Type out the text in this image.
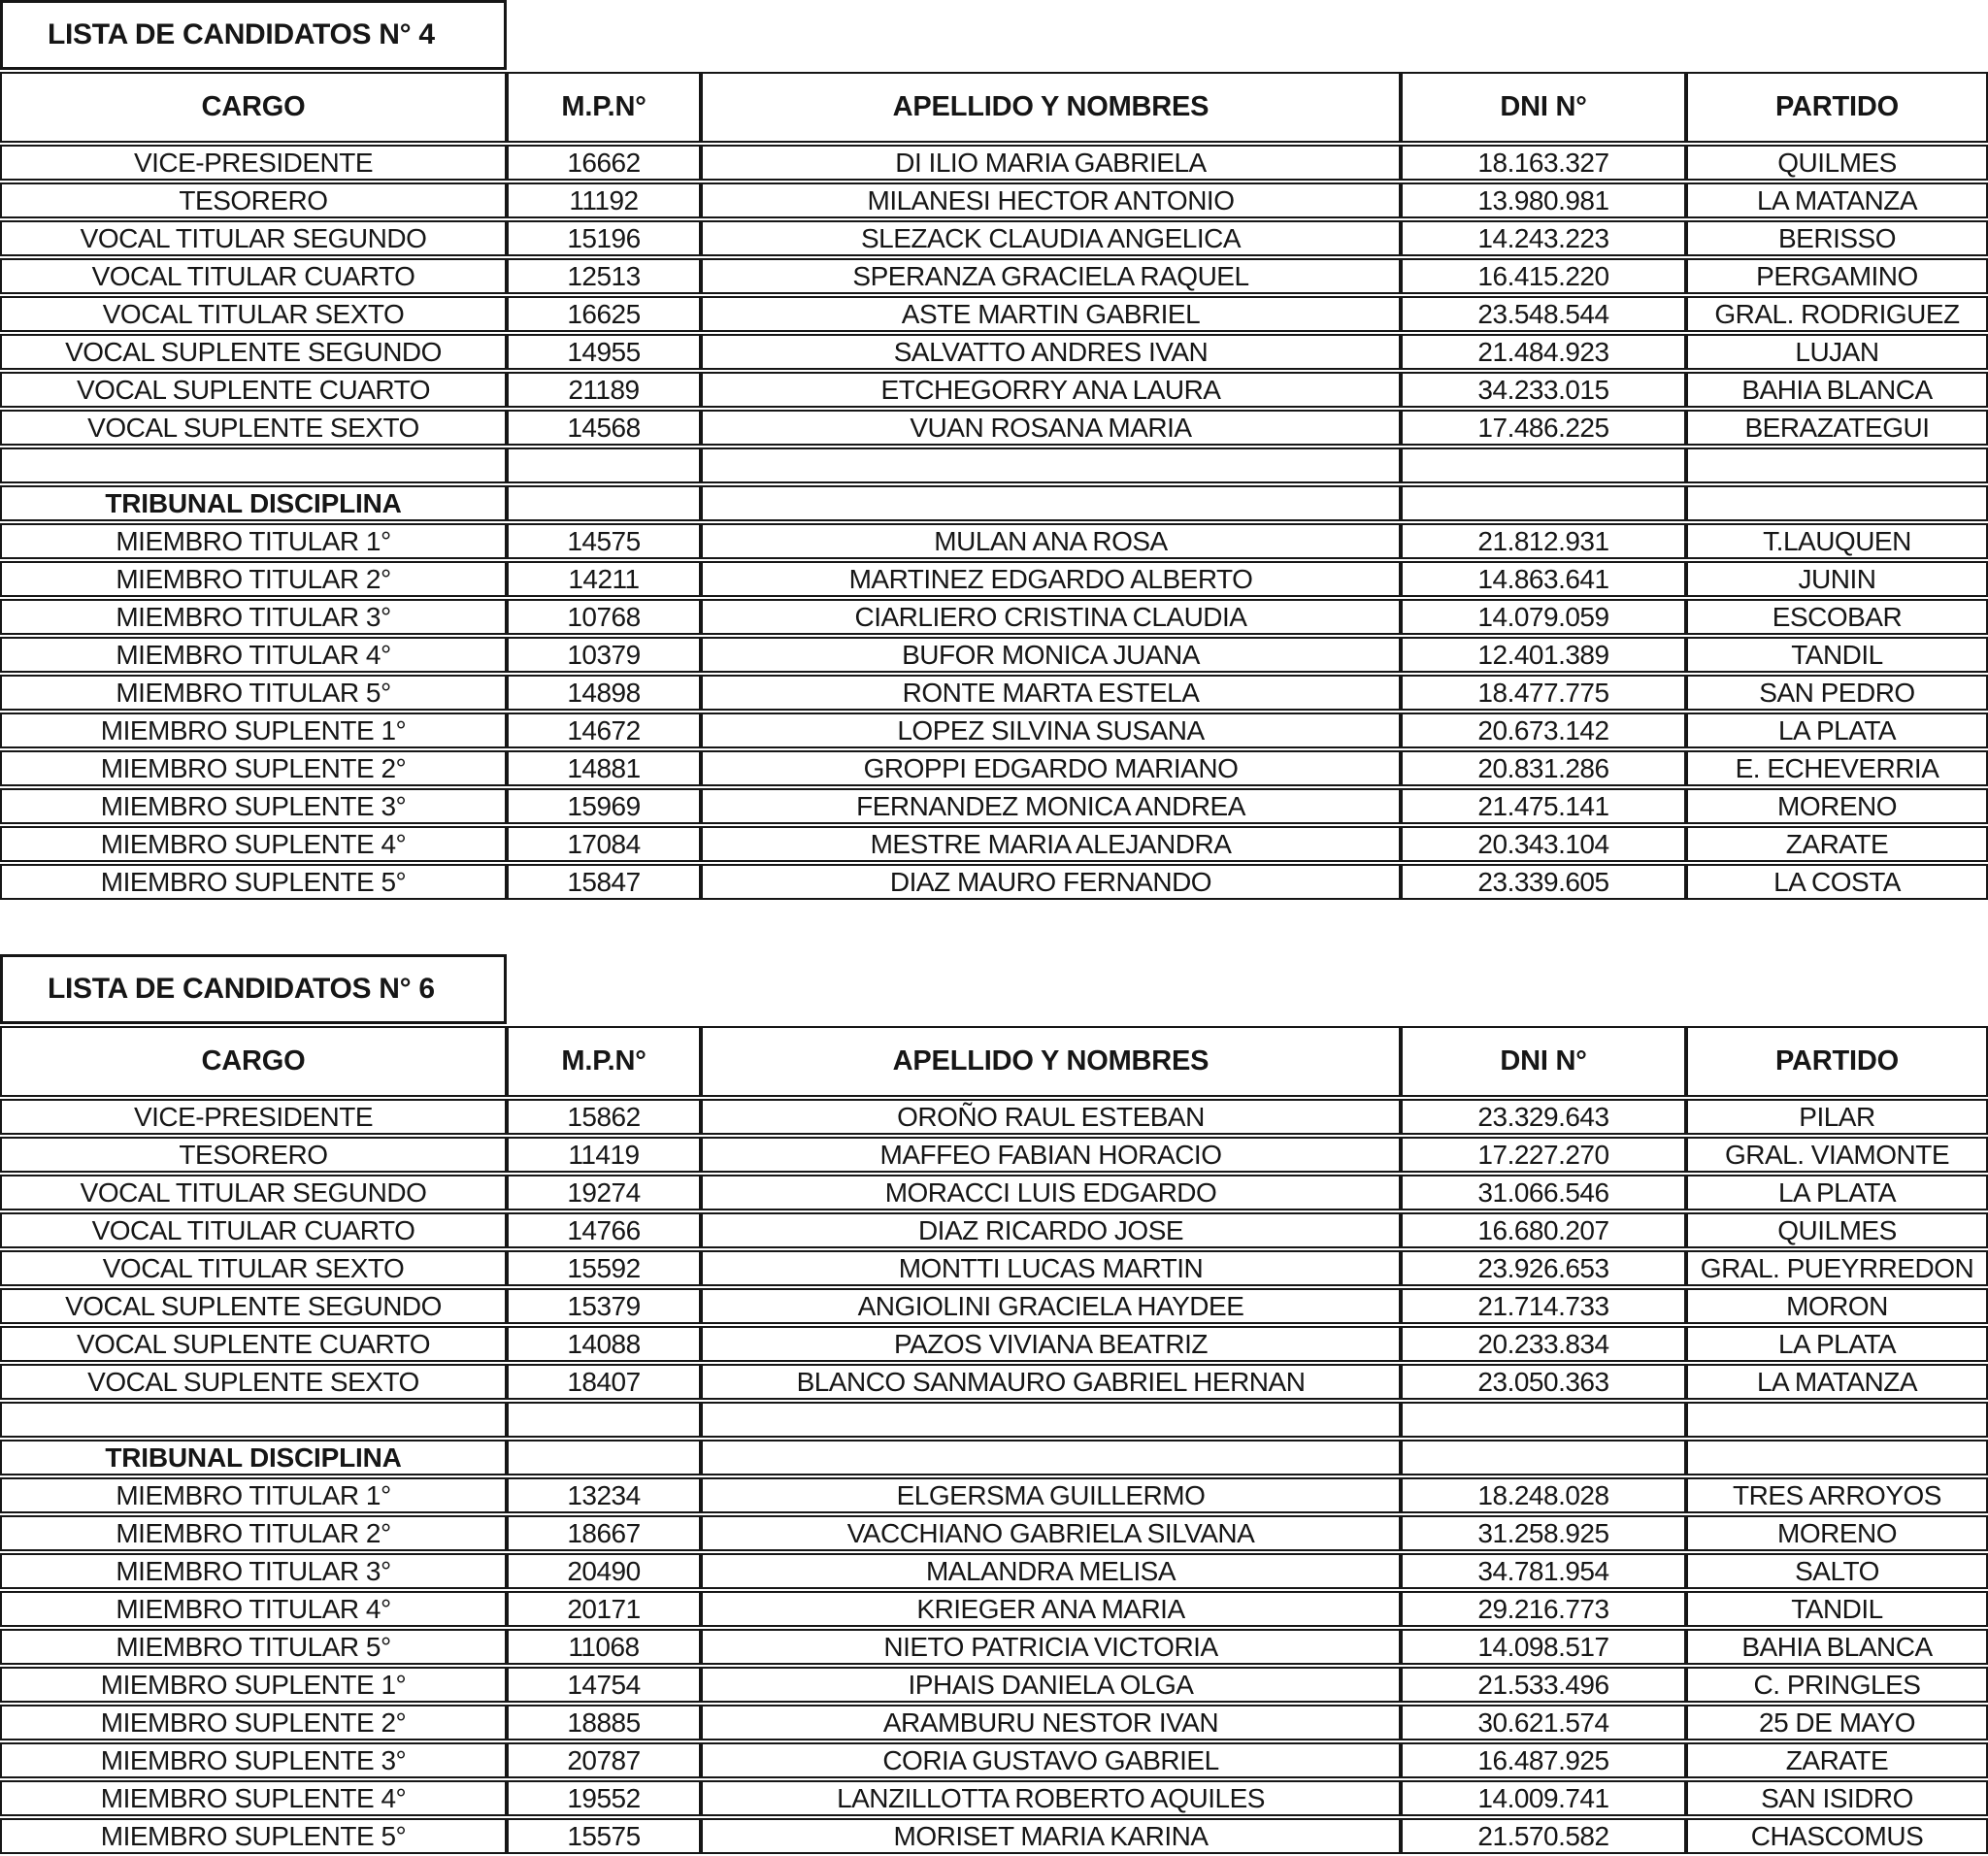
LISTA DE CANDIDATOS N° 4
CARGO	M.P.N°	APELLIDO Y NOMBRES	DNI N°	PARTIDO
VICE-PRESIDENTE	16662	DI ILIO MARIA GABRIELA	18.163.327	QUILMES
TESORERO	11192	MILANESI HECTOR ANTONIO	13.980.981	LA MATANZA
VOCAL TITULAR SEGUNDO	15196	SLEZACK CLAUDIA ANGELICA	14.243.223	BERISSO
VOCAL TITULAR CUARTO	12513	SPERANZA GRACIELA RAQUEL	16.415.220	PERGAMINO
VOCAL TITULAR SEXTO	16625	ASTE MARTIN GABRIEL	23.548.544	GRAL. RODRIGUEZ
VOCAL SUPLENTE SEGUNDO	14955	SALVATTO ANDRES IVAN	21.484.923	LUJAN
VOCAL SUPLENTE CUARTO	21189	ETCHEGORRY ANA LAURA	34.233.015	BAHIA BLANCA
VOCAL SUPLENTE SEXTO	14568	VUAN ROSANA MARIA	17.486.225	BERAZATEGUI

TRIBUNAL DISCIPLINA				
MIEMBRO TITULAR 1°	14575	MULAN ANA ROSA	21.812.931	T.LAUQUEN
MIEMBRO TITULAR 2°	14211	MARTINEZ EDGARDO ALBERTO	14.863.641	JUNIN
MIEMBRO TITULAR 3°	10768	CIARLIERO CRISTINA CLAUDIA	14.079.059	ESCOBAR
MIEMBRO TITULAR 4°	10379	BUFOR MONICA JUANA	12.401.389	TANDIL
MIEMBRO TITULAR 5°	14898	RONTE MARTA ESTELA	18.477.775	SAN PEDRO
MIEMBRO SUPLENTE 1°	14672	LOPEZ SILVINA SUSANA	20.673.142	LA PLATA
MIEMBRO SUPLENTE 2°	14881	GROPPI EDGARDO MARIANO	20.831.286	E. ECHEVERRIA
MIEMBRO SUPLENTE 3°	15969	FERNANDEZ MONICA ANDREA	21.475.141	MORENO
MIEMBRO SUPLENTE 4°	17084	MESTRE MARIA ALEJANDRA	20.343.104	ZARATE
MIEMBRO SUPLENTE 5°	15847	DIAZ MAURO FERNANDO	23.339.605	LA COSTA
LISTA DE CANDIDATOS N° 6
CARGO	M.P.N°	APELLIDO Y NOMBRES	DNI N°	PARTIDO
VICE-PRESIDENTE	15862	OROÑO RAUL ESTEBAN	23.329.643	PILAR
TESORERO	11419	MAFFEO FABIAN HORACIO	17.227.270	GRAL. VIAMONTE
VOCAL TITULAR SEGUNDO	19274	MORACCI LUIS EDGARDO	31.066.546	LA PLATA
VOCAL TITULAR CUARTO	14766	DIAZ RICARDO JOSE	16.680.207	QUILMES
VOCAL TITULAR SEXTO	15592	MONTTI LUCAS MARTIN	23.926.653	GRAL. PUEYRREDON
VOCAL SUPLENTE SEGUNDO	15379	ANGIOLINI GRACIELA HAYDEE	21.714.733	MORON
VOCAL SUPLENTE CUARTO	14088	PAZOS VIVIANA BEATRIZ	20.233.834	LA PLATA
VOCAL SUPLENTE SEXTO	18407	BLANCO SANMAURO GABRIEL HERNAN	23.050.363	LA MATANZA

TRIBUNAL DISCIPLINA				
MIEMBRO TITULAR 1°	13234	ELGERSMA GUILLERMO	18.248.028	TRES ARROYOS
MIEMBRO TITULAR 2°	18667	VACCHIANO GABRIELA SILVANA	31.258.925	MORENO
MIEMBRO TITULAR 3°	20490	MALANDRA MELISA	34.781.954	SALTO
MIEMBRO TITULAR 4°	20171	KRIEGER ANA MARIA	29.216.773	TANDIL
MIEMBRO TITULAR 5°	11068	NIETO PATRICIA VICTORIA	14.098.517	BAHIA BLANCA
MIEMBRO SUPLENTE 1°	14754	IPHAIS DANIELA OLGA	21.533.496	C. PRINGLES
MIEMBRO SUPLENTE 2°	18885	ARAMBURU NESTOR IVAN	30.621.574	25 DE MAYO
MIEMBRO SUPLENTE 3°	20787	CORIA GUSTAVO GABRIEL	16.487.925	ZARATE
MIEMBRO SUPLENTE 4°	19552	LANZILLOTTA ROBERTO AQUILES	14.009.741	SAN ISIDRO
MIEMBRO SUPLENTE 5°	15575	MORISET MARIA KARINA	21.570.582	CHASCOMUS
